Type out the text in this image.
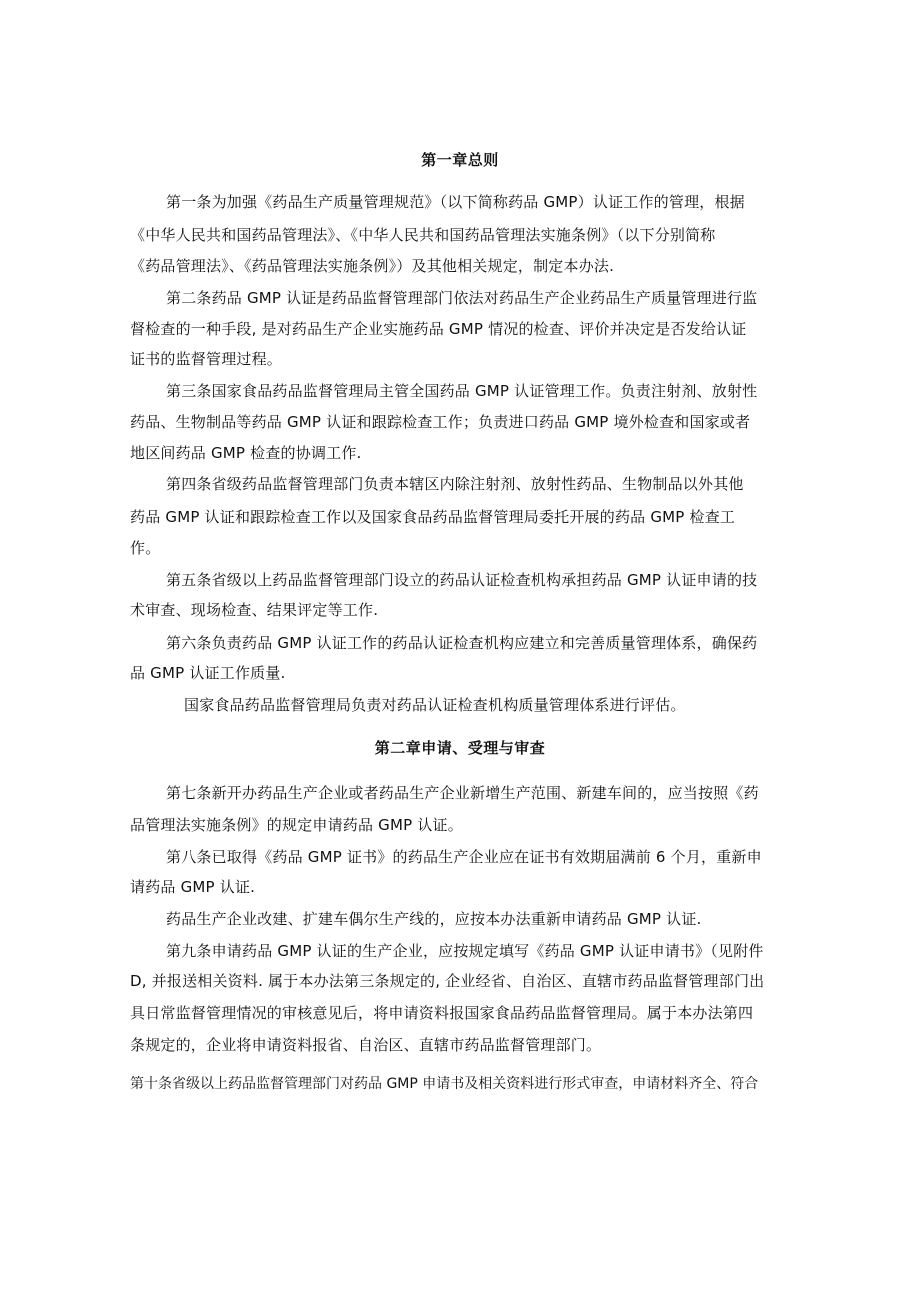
第一章总则
第一条为加强《药品生产质量管理规范》（以下简称药品 GMP）认证工作的管理，根据
《中华人民共和国药品管理法》、《中华人民共和国药品管理法实施条例》（以下分别简称
《药品管理法》、《药品管理法实施条例》）及其他相关规定，制定本办法.
第二条药品 GMP 认证是药品监督管理部门依法对药品生产企业药品生产质量管理进行监
督检查的一种手段, 是对药品生产企业实施药品 GMP 情况的检查、评价并决定是否发给认证
证书的监督管理过程。
第三条国家食品药品监督管理局主管全国药品 GMP 认证管理工作。负责注射剂、放射性
药品、生物制品等药品 GMP 认证和跟踪检查工作；负责进口药品 GMP 境外检查和国家或者
地区间药品 GMP 检查的协调工作.
第四条省级药品监督管理部门负责本辖区内除注射剂、放射性药品、生物制品以外其他
药品 GMP 认证和跟踪检查工作以及国家食品药品监督管理局委托开展的药品 GMP 检查工
作。
第五条省级以上药品监督管理部门设立的药品认证检查机构承担药品 GMP 认证申请的技
术审查、现场检查、结果评定等工作.
第六条负责药品 GMP 认证工作的药品认证检查机构应建立和完善质量管理体系，确保药
品 GMP 认证工作质量.
国家食品药品监督管理局负责对药品认证检查机构质量管理体系进行评估。
第二章申请、受理与审查
第七条新开办药品生产企业或者药品生产企业新增生产范围、新建车间的，应当按照《药
品管理法实施条例》的规定申请药品 GMP 认证。
第八条已取得《药品 GMP 证书》的药品生产企业应在证书有效期届满前 6 个月，重新申
请药品 GMP 认证.
药品生产企业改建、扩建车偶尔生产线的，应按本办法重新申请药品 GMP 认证.
第九条申请药品 GMP 认证的生产企业，应按规定填写《药品 GMP 认证申请书》（见附件
D, 并报送相关资料. 属于本办法第三条规定的, 企业经省、自治区、直辖市药品监督管理部门出
具日常监督管理情况的审核意见后，将申请资料报国家食品药品监督管理局。属于本办法第四
条规定的，企业将申请资料报省、自治区、直辖市药品监督管理部门。
第十条省级以上药品监督管理部门对药品 GMP 申请书及相关资料进行形式审查，申请材料齐全、符合
